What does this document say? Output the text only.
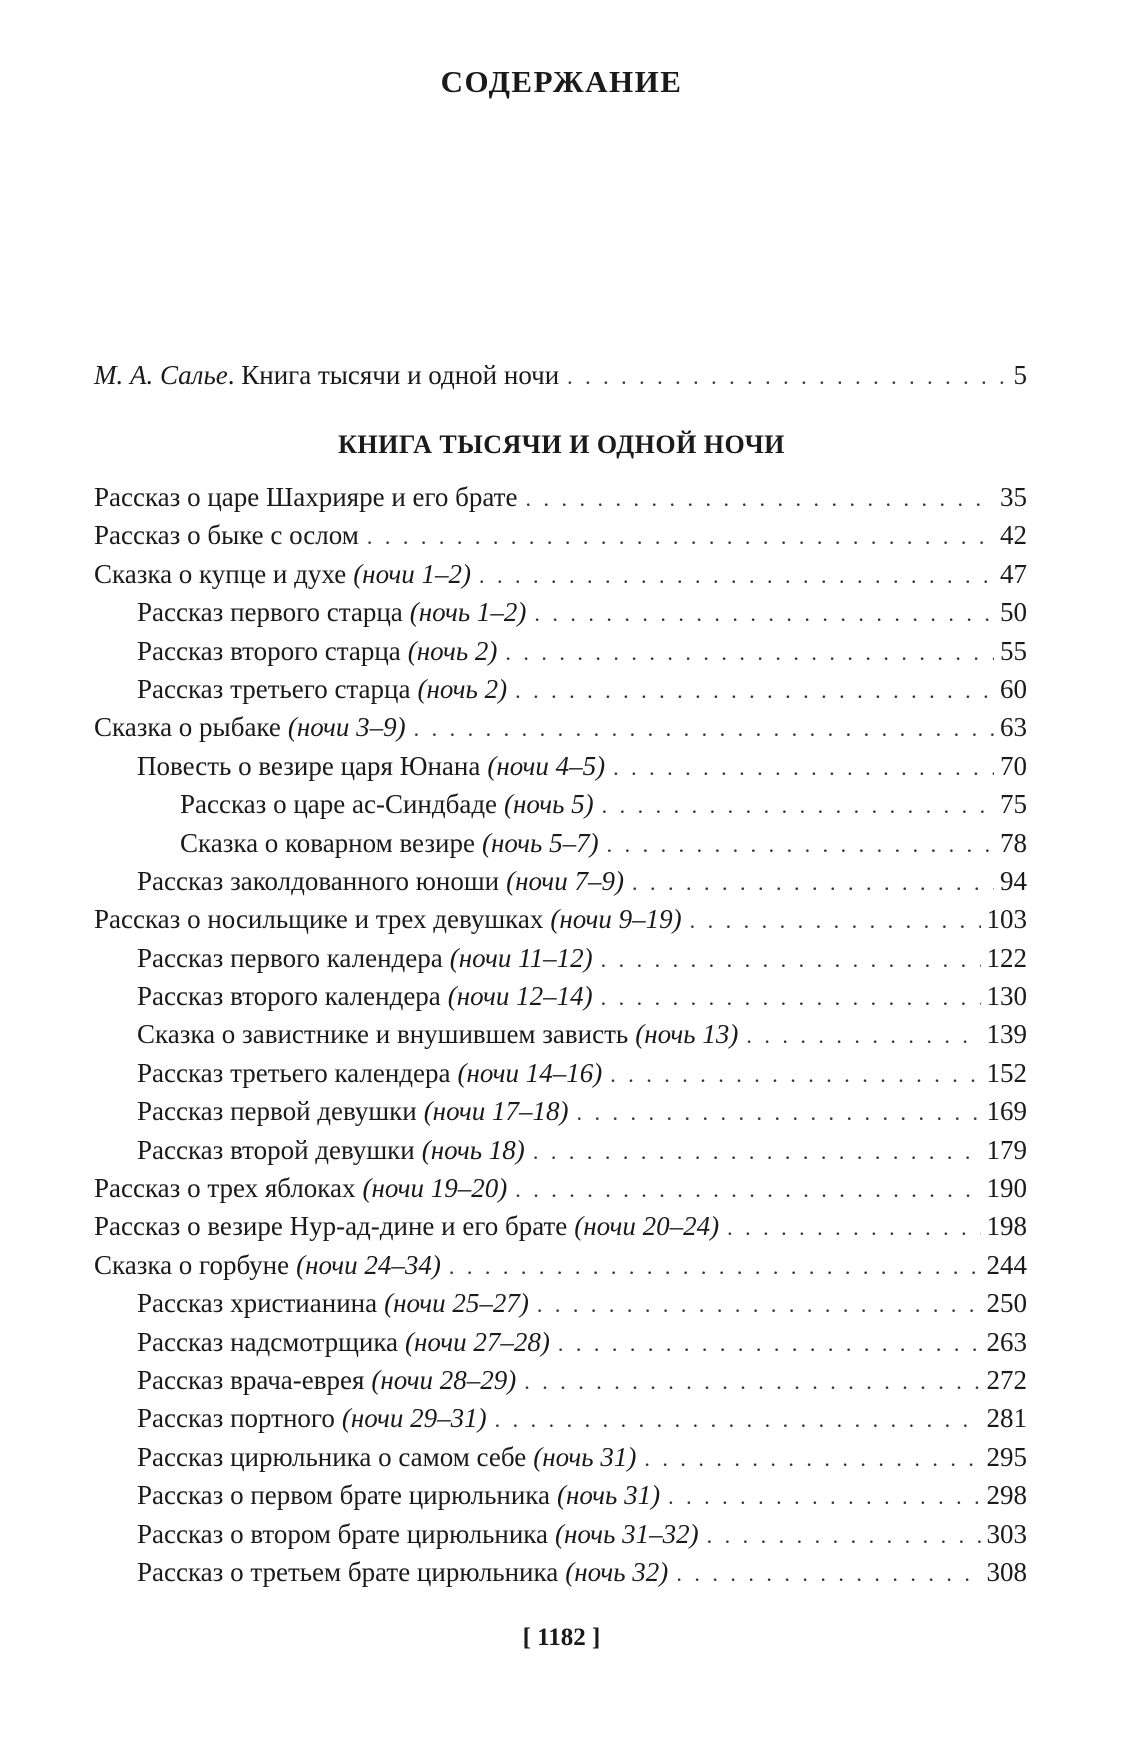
СОДЕРЖАНИЕ
М. А. Салье. Книга тысячи и одной ночи . . .	5
КНИГА ТЫСЯЧИ И ОДНОЙ НОЧИ
Рассказ о царе Шахрияре и его брате . . .	35
Рассказ о быке с ослом . . .	42
Сказка о купце и духе (ночи 1–2) . . .	47
Рассказ первого старца (ночь 1–2) . . .	50
Рассказ второго старца (ночь 2) . . .	55
Рассказ третьего старца (ночь 2) . . .	60
Сказка о рыбаке (ночи 3–9) . . .	63
Повесть о везире царя Юнана (ночи 4–5) . . .	70
Рассказ о царе ас-Синдбаде (ночь 5) . . .	75
Сказка о коварном везире (ночь 5–7) . . .	78
Рассказ заколдованного юноши (ночи 7–9) . . .	94
Рассказ о носильщике и трех девушках (ночи 9–19) . . .	103
Рассказ первого календера (ночи 11–12) . . .	122
Рассказ второго календера (ночи 12–14) . . .	130
Сказка о завистнике и внушившем зависть (ночь 13) . . .	139
Рассказ третьего календера (ночи 14–16) . . .	152
Рассказ первой девушки (ночи 17–18) . . .	169
Рассказ второй девушки (ночь 18) . . .	179
Рассказ о трех яблоках (ночи 19–20) . . .	190
Рассказ о везире Нур-ад-дине и его брате (ночи 20–24) . . .	198
Сказка о горбуне (ночи 24–34) . . .	244
Рассказ христианина (ночи 25–27) . . .	250
Рассказ надсмотрщика (ночи 27–28) . . .	263
Рассказ врача-еврея (ночи 28–29) . . .	272
Рассказ портного (ночи 29–31) . . .	281
Рассказ цирюльника о самом себе (ночь 31) . . .	295
Рассказ о первом брате цирюльника (ночь 31) . . .	298
Рассказ о втором брате цирюльника (ночь 31–32) . . .	303
Рассказ о третьем брате цирюльника (ночь 32) . . .	308
[ 1182 ]
